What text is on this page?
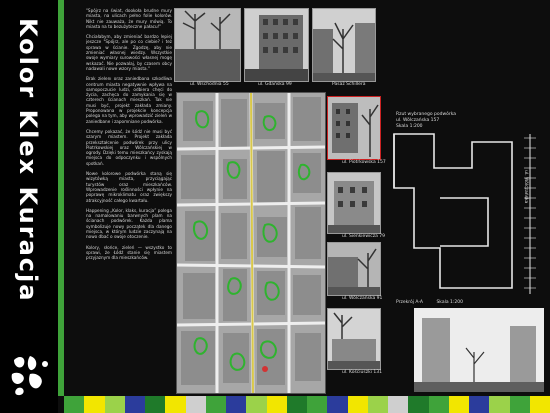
Kolor Klex Kuracja

"Spójrz na świat, dookoła brudne mury miasta, na ulicach pełno folie kolorów. Nikt nie zauważa, że mury mówią. To miasta na to bezużyteczne pałacu!"

Chciałabym, aby zmieniać bardzo lepiej jeszcze "Spójrz, ale po co ciebie? i też sprawa w ścianie. Zgodzę, aby nie zmieniać własnej wiedzy. Wszystkie swoje wymiary surowości własnej mogę wskazać. Nie pozwalaj, by czasem obcy nadawali nowe wzory miasta."

Brak zielenı oraz zaniedbana szkodliwa centrum miasta negatywnie wpływa na samopoczucie ludzi, odbiera chęci do życia, zachęca do zamykania się w czterech ścianach mieszkań. Tak nie musi być, projekt zakłada zmiany. Proponowana w projekcie koncepcja polega na tym, aby wprowadzić zieleń w zaniedbane i zapomniane podwórka.

Chcemy pokazać, że Łódź nie musi być szarym miastem. Projekt zakłada przekształcenie podwórek przy ulicy Piotrkowskiej oraz Wólczańskiej w ogrody. Dzięki temu mieszkańcy zyskają miejsca do odpoczynku i wspólnych spotkań.

Nowe kolorowe podwórka staną się wizytówką miasta, przyciągając turystów oraz mieszkańców. Wprowadzenie roślinności wpłynie na poprawę mikroklimatu oraz zwiększy atrakcyjność całego kwartału.

Happening „Kolor, klaks, kuracja” polega na namalowaniu barwnych plam na ścianach podwórek. Każda plama symbolizuje nowy początek dla danego miejsca, w którym ludzie zaczynają na nowo dbać o swoje otoczenie.

Kolory, słońce, zieleń — wszystko to sprawi, że Łódź stanie się miastem przyjaznym dla mieszkańców.

ul. Wschodnia 55	ul. Gdańska 99	Pasaż Schillera
ul. Piotrkowska 157
ul. Sienkiewicza 79
ul. Wólczańska 91
ul. Kościuszki 131
Rzut wybranego podwórka
ul. Wólczańska 157
Skala 1:200
ul. Wólczańska
Przekrój A-A	Skala 1:200
